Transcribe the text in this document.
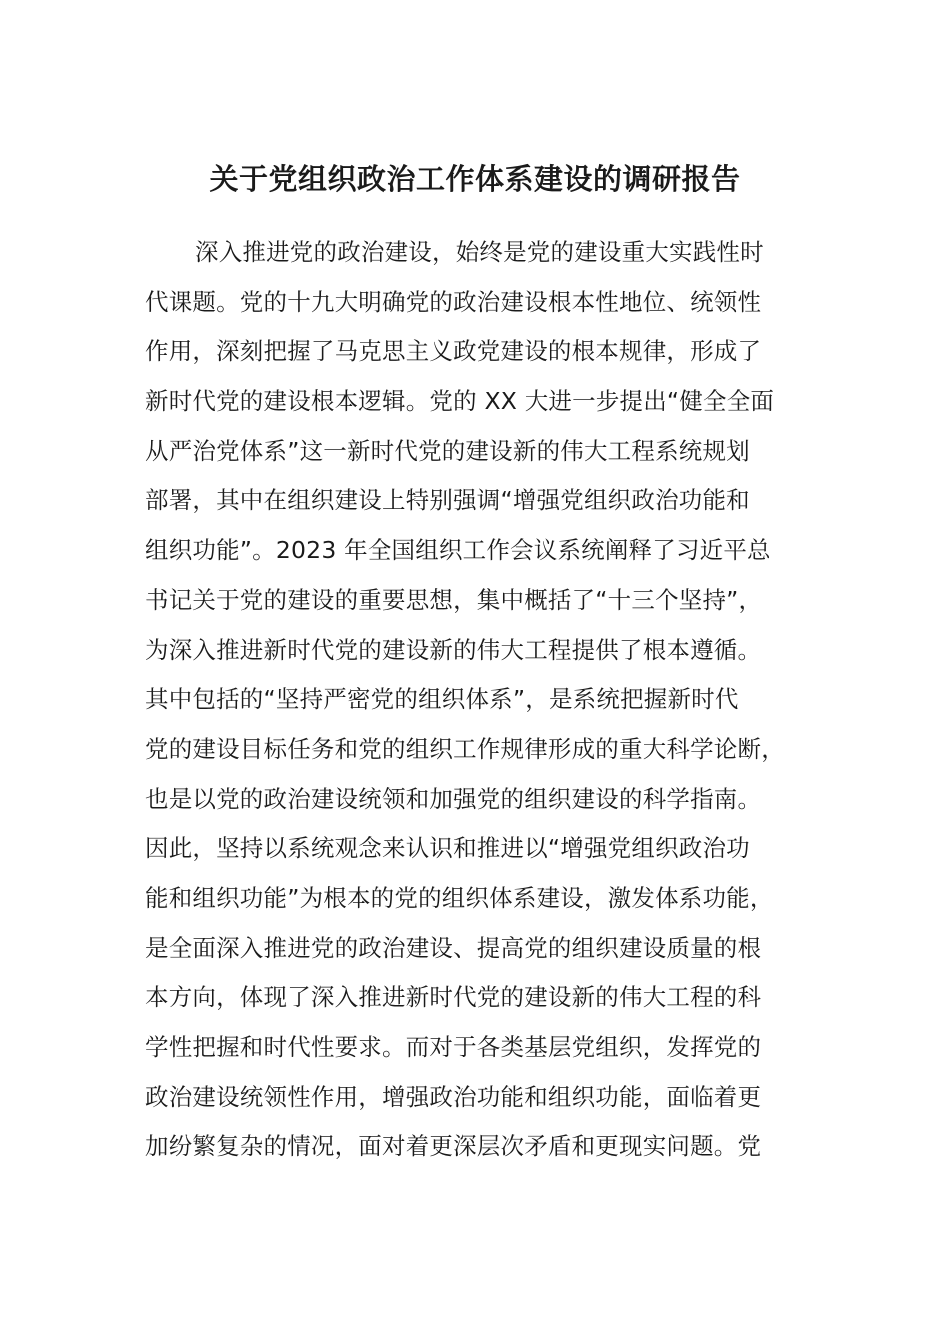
关于党组织政治工作体系建设的调研报告
深入推进党的政治建设，始终是党的建设重大实践性时
代课题。党的十九大明确党的政治建设根本性地位、统领性
作用，深刻把握了马克思主义政党建设的根本规律，形成了
新时代党的建设根本逻辑。党的 XX 大进一步提出“健全全面
从严治党体系”这一新时代党的建设新的伟大工程系统规划
部署，其中在组织建设上特别强调“增强党组织政治功能和
组织功能”。2023 年全国组织工作会议系统阐释了习近平总
书记关于党的建设的重要思想，集中概括了“十三个坚持”，
为深入推进新时代党的建设新的伟大工程提供了根本遵循。
其中包括的“坚持严密党的组织体系”，是系统把握新时代
党的建设目标任务和党的组织工作规律形成的重大科学论断，
也是以党的政治建设统领和加强党的组织建设的科学指南。
因此，坚持以系统观念来认识和推进以“增强党组织政治功
能和组织功能”为根本的党的组织体系建设，激发体系功能，
是全面深入推进党的政治建设、提高党的组织建设质量的根
本方向，体现了深入推进新时代党的建设新的伟大工程的科
学性把握和时代性要求。而对于各类基层党组织，发挥党的
政治建设统领性作用，增强政治功能和组织功能，面临着更
加纷繁复杂的情况，面对着更深层次矛盾和更现实问题。党
